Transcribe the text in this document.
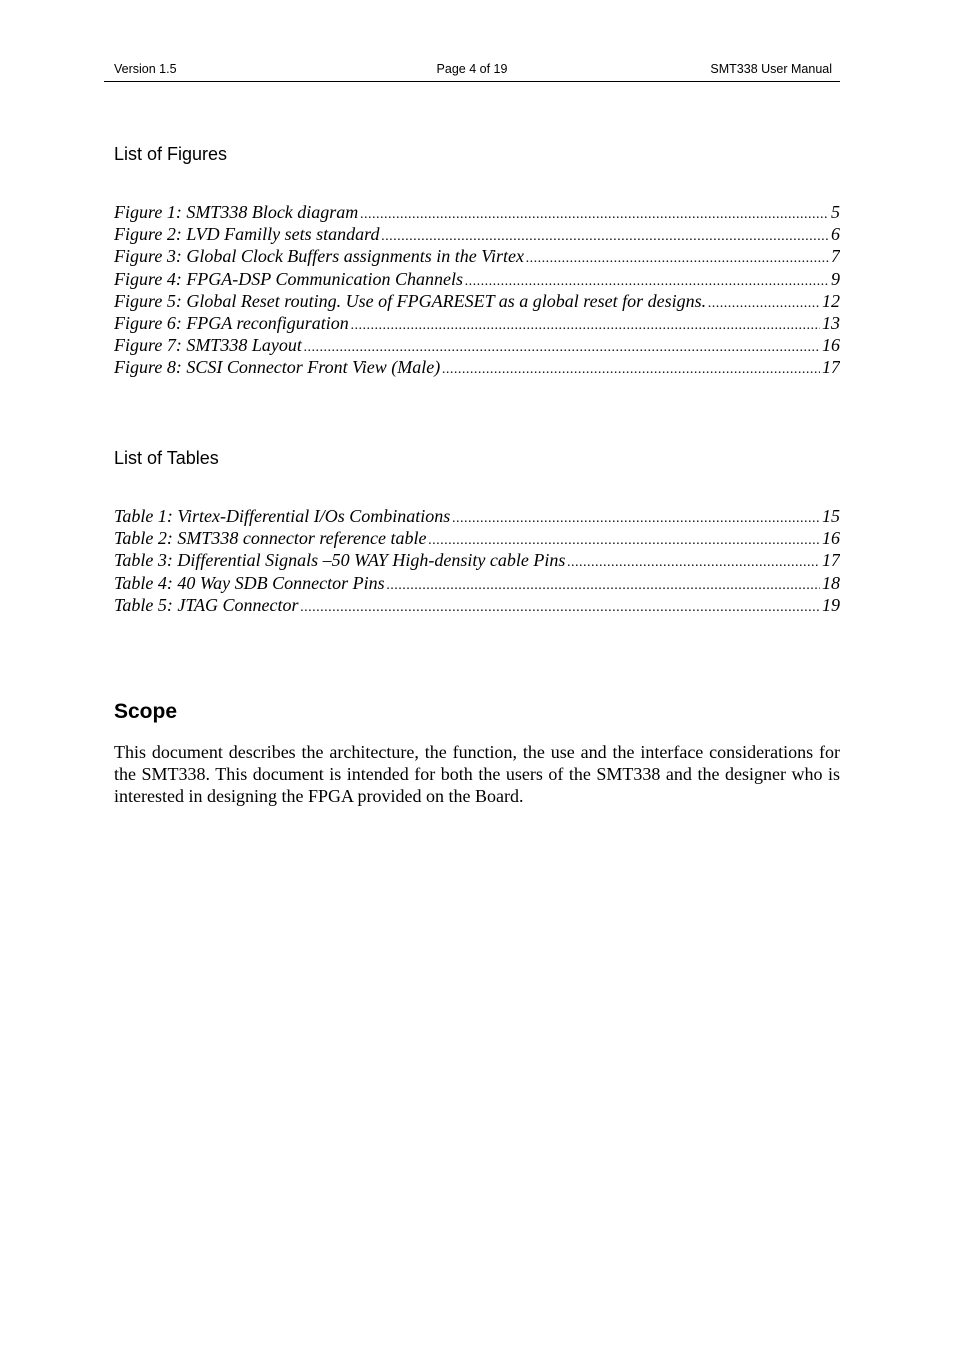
Version 1.5	Page 4 of 19	SMT338 User Manual
List of Figures
Figure 1: SMT338 Block diagram .....	5
Figure 2: LVD Familly sets standard .....	6
Figure 3: Global Clock Buffers assignments in the Virtex .....	7
Figure 4: FPGA-DSP Communication Channels .....	9
Figure 5: Global Reset routing. Use of FPGARESET as a global reset for designs. .....	12
Figure 6: FPGA reconfiguration .....	13
Figure 7: SMT338 Layout .....	16
Figure 8: SCSI Connector Front View (Male) .....	17
List of Tables
Table 1: Virtex-Differential I/Os Combinations .....	15
Table 2: SMT338 connector reference table .....	16
Table 3: Differential Signals –50 WAY High-density cable Pins .....	17
Table 4: 40 Way SDB Connector Pins .....	18
Table 5: JTAG Connector .....	19
Scope

This document describes the architecture, the function, the use and the interface considerations for the SMT338. This document is intended for both the users of the SMT338 and the designer who is interested in designing the FPGA provided on the Board.
